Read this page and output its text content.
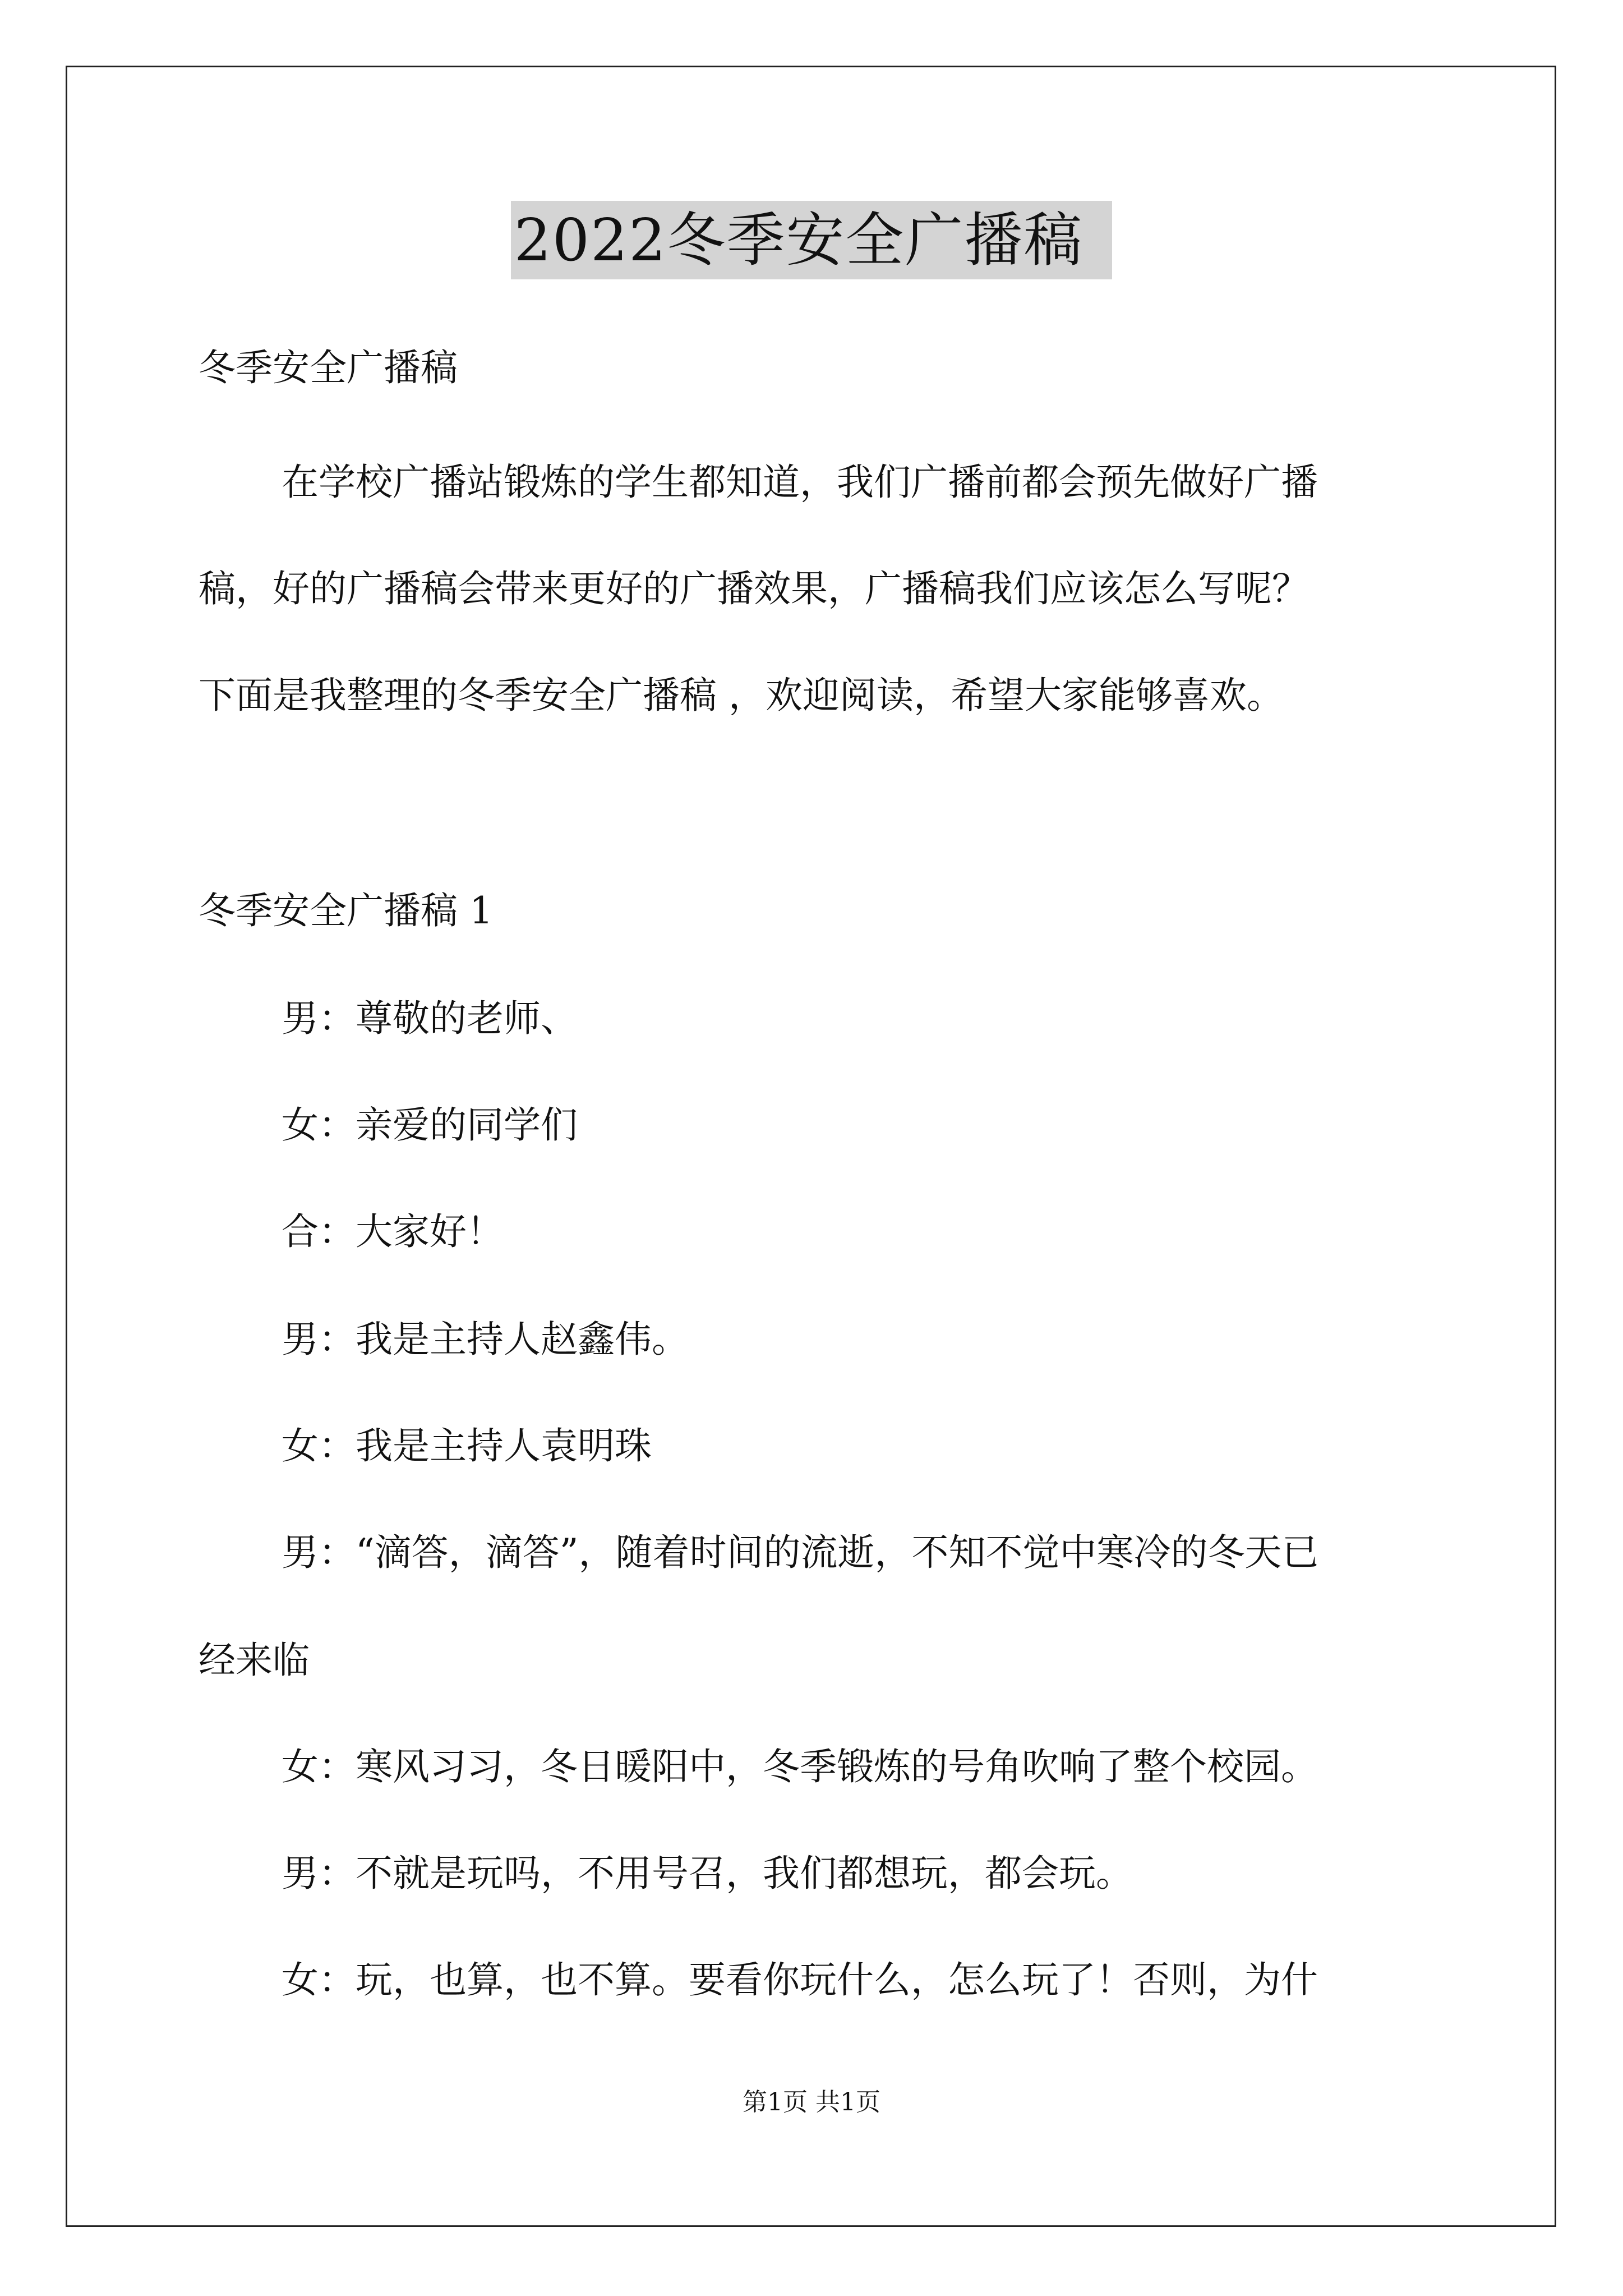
2022冬季安全广播稿
冬季安全广播稿
在学校广播站锻炼的学生都知道，我们广播前都会预先做好广播
稿，好的广播稿会带来更好的广播效果，广播稿我们应该怎么写呢？
下面是我整理的冬季安全广播稿 ，欢迎阅读，希望大家能够喜欢。
冬季安全广播稿 1
男：尊敬的老师、
女：亲爱的同学们
合：大家好！
男：我是主持人赵鑫伟。
女：我是主持人袁明珠
男：“滴答，滴答”，随着时间的流逝，不知不觉中寒冷的冬天已
经来临
女：寒风习习，冬日暖阳中，冬季锻炼的号角吹响了整个校园。
男：不就是玩吗，不用号召，我们都想玩，都会玩。
女：玩，也算，也不算。要看你玩什么，怎么玩了！否则，为什
第1页 共1页
